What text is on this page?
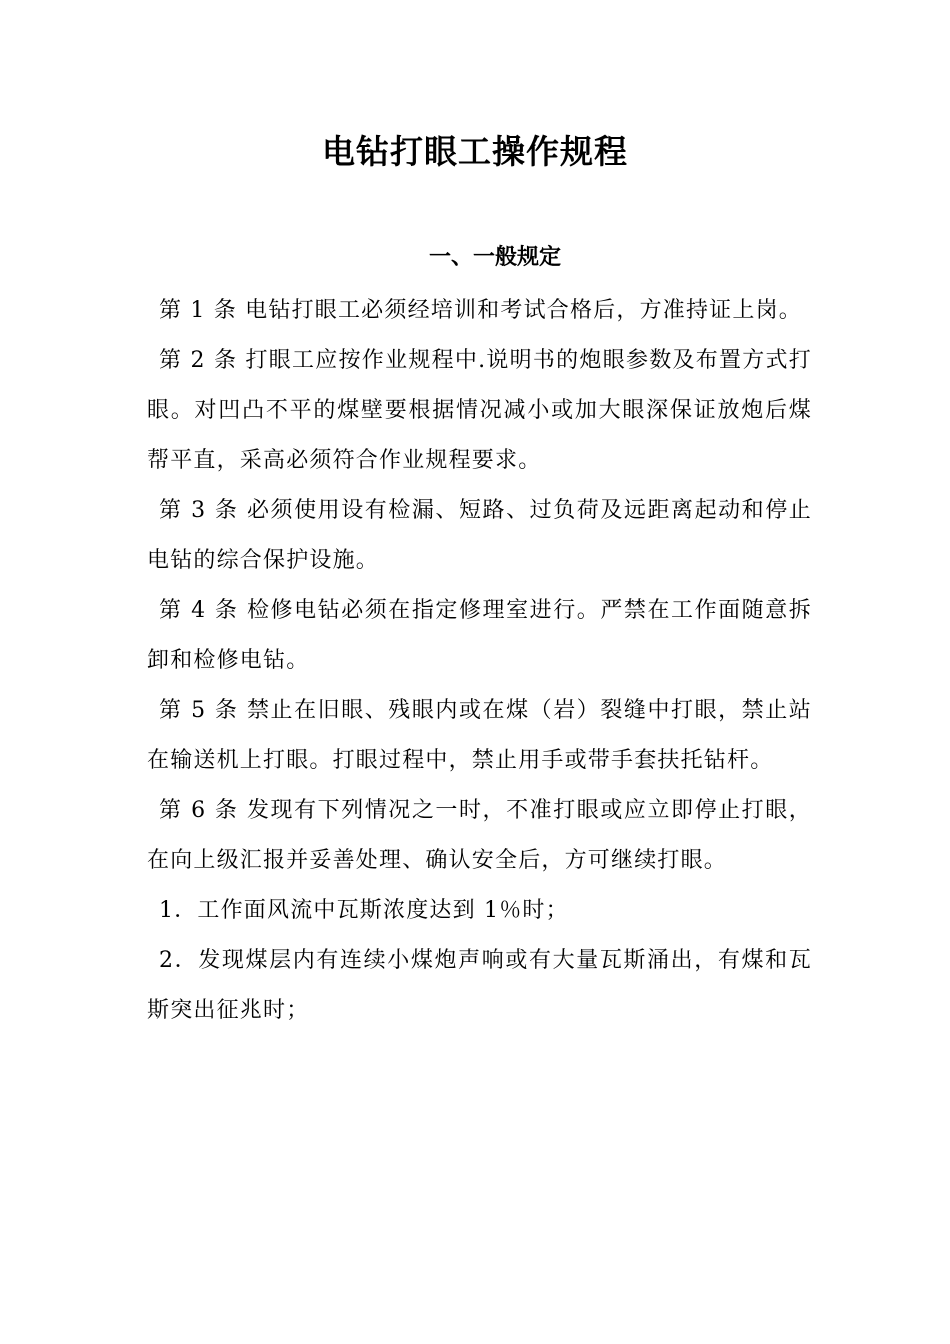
电钻打眼工操作规程
一、一般规定

第 1 条 电钻打眼工必须经培训和考试合格后，方准持证上岗。

第 2 条 打眼工应按作业规程中.说明书的炮眼参数及布置方式打眼。对凹凸不平的煤壁要根据情况减小或加大眼深保证放炮后煤帮平直，采高必须符合作业规程要求。

第 3 条 必须使用设有检漏、短路、过负荷及远距离起动和停止电钻的综合保护设施。

第 4 条 检修电钻必须在指定修理室进行。严禁在工作面随意拆卸和检修电钻。

第 5 条 禁止在旧眼、残眼内或在煤（岩）裂缝中打眼，禁止站在输送机上打眼。打眼过程中，禁止用手或带手套扶托钻杆。

第 6 条 发现有下列情况之一时，不准打眼或应立即停止打眼，在向上级汇报并妥善处理、确认安全后，方可继续打眼。

1．工作面风流中瓦斯浓度达到 1％时；

2．发现煤层内有连续小煤炮声响或有大量瓦斯涌出，有煤和瓦斯突出征兆时；
